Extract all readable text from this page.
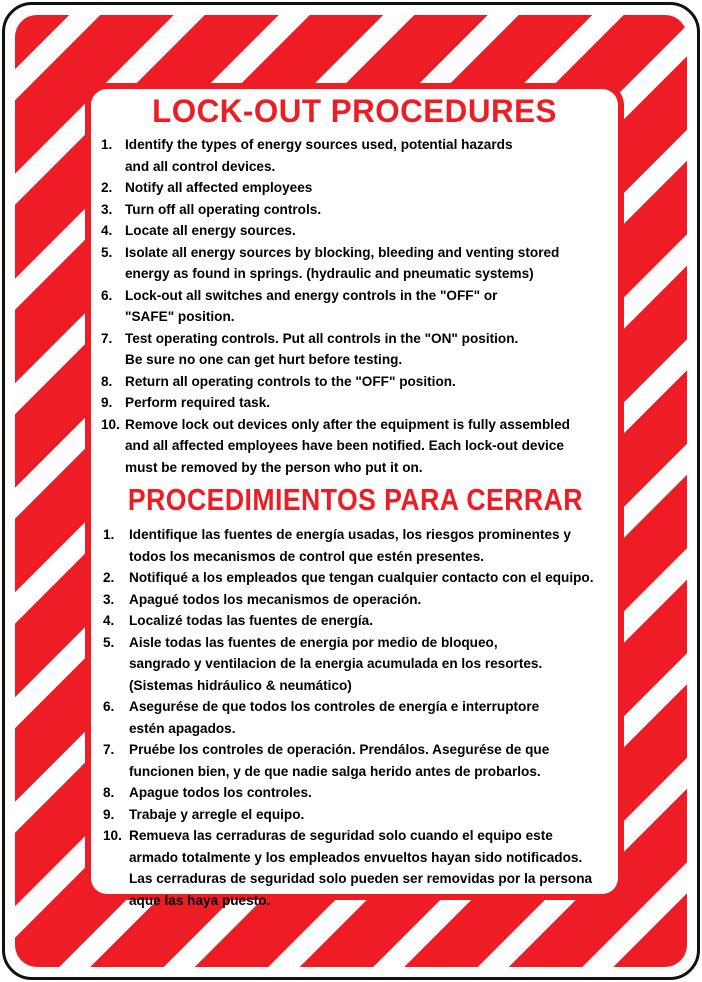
LOCK-OUT PROCEDURES
1. Identify the types of energy sources used, potential hazards
and all control devices.
2. Notify all affected employees
3. Turn off all operating controls.
4. Locate all energy sources.
5. Isolate all energy sources by blocking, bleeding and venting stored
energy as found in springs. (hydraulic and pneumatic systems)
6. Lock-out all switches and energy controls in the "OFF" or
"SAFE" position.
7. Test operating controls. Put all controls in the "ON" position.
Be sure no one can get hurt before testing.
8. Return all operating controls to the "OFF" position.
9. Perform required task.
10. Remove lock out devices only after the equipment is fully assembled
and all affected employees have been notified. Each lock-out device
must be removed by the person who put it on.
PROCEDIMIENTOS PARA CERRAR
1. Identifique las fuentes de energía usadas, los riesgos prominentes y
todos los mecanismos de control que estén presentes.
2. Notifiqué a los empleados que tengan cualquier contacto con el equipo.
3. Apagué todos los mecanismos de operación.
4. Localizé todas las fuentes de energía.
5. Aisle todas las fuentes de energia por medio de bloqueo,
sangrado y ventilacion de la energia acumulada en los resortes.
(Sistemas hidráulico & neumático)
6. Asegurése de que todos los controles de energía e interruptore
estén apagados.
7. Pruébe los controles de operación. Prendálos. Asegurése de que
funcionen bien, y de que nadie salga herido antes de probarlos.
8. Apague todos los controles.
9. Trabaje y arregle el equipo.
10. Remueva las cerraduras de seguridad solo cuando el equipo este
armado totalmente y los empleados envueltos hayan sido notificados.
Las cerraduras de seguridad solo pueden ser removidas por la persona
aque las haya puesto.
